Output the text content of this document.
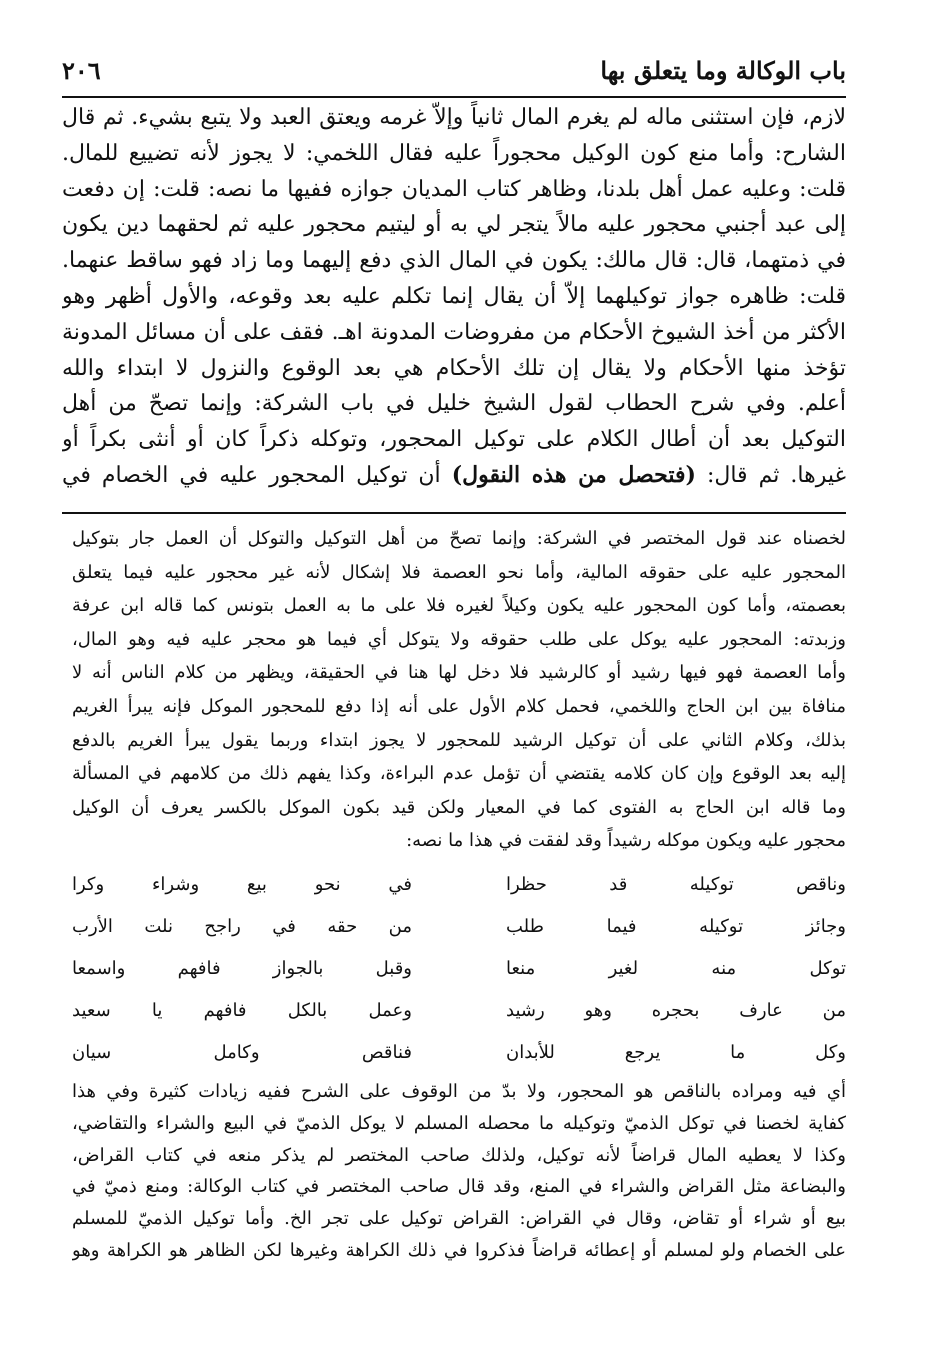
باب الوكالة وما يتعلق بها
٢٠٦

لازم، فإن استثنى ماله لم يغرم المال ثانياً وإلاّ غرمه ويعتق العبد ولا يتبع بشيء. ثم قال

الشارح: وأما منع كون الوكيل محجوراً عليه فقال اللخمي: لا يجوز لأنه تضييع للمال.

قلت: وعليه عمل أهل بلدنا، وظاهر كتاب المديان جوازه ففيها ما نصه: قلت: إن دفعت

إلى عبد أجنبي محجور عليه مالاً يتجر لي به أو ليتيم محجور عليه ثم لحقهما دين يكون

في ذمتهما، قال: قال مالك: يكون في المال الذي دفع إليهما وما زاد فهو ساقط عنهما.

قلت: ظاهره جواز توكيلهما إلاّ أن يقال إنما تكلم عليه بعد وقوعه، والأول أظهر وهو

الأكثر من أخذ الشيوخ الأحكام من مفروضات المدونة اهـ. فقف على أن مسائل المدونة

تؤخذ منها الأحكام ولا يقال إن تلك الأحكام هي بعد الوقوع والنزول لا ابتداء والله

أعلم. وفي شرح الحطاب لقول الشيخ خليل في باب الشركة: وإنما تصحّ من أهل

التوكيل بعد أن أطال الكلام على توكيل المحجور، وتوكله ذكراً كان أو أنثى بكراً أو

غيرها. ثم قال: (فتحصل من هذه النقول) أن توكيل المحجور عليه في الخصام في

لخصناه عند قول المختصر في الشركة: وإنما تصحّ من أهل التوكيل والتوكل أن العمل جار بتوكيل

المحجور عليه على حقوقه المالية، وأما نحو العصمة فلا إشكال لأنه غير محجور عليه فيما يتعلق

بعصمته، وأما كون المحجور عليه يكون وكيلاً لغيره فلا على ما به العمل بتونس كما قاله ابن عرفة

وزبدته: المحجور عليه يوكل على طلب حقوقه ولا يتوكل أي فيما هو محجر عليه فيه وهو المال،

وأما العصمة فهو فيها رشيد أو كالرشيد فلا دخل لها هنا في الحقيقة، ويظهر من كلام الناس أنه لا

منافاة بين ابن الحاج واللخمي، فحمل كلام الأول على أنه إذا دفع للمحجور الموكل فإنه يبرأ الغريم

بذلك، وكلام الثاني على أن توكيل الرشيد للمحجور لا يجوز ابتداء وربما يقول يبرأ الغريم بالدفع

إليه بعد الوقوع وإن كان كلامه يقتضي أن تؤمل عدم البراءة، وكذا يفهم ذلك من كلامهم في المسألة

وما قاله ابن الحاج به الفتوى كما في المعيار ولكن قيد بكون الموكل بالكسر يعرف أن الوكيل

محجور عليه ويكون موكله رشيداً وقد لفقت في هذا ما نصه:

وناقص توكيله قد حظرا
في نحو بيع وشراء وكرا
وجائز توكيله فيما طلب
من حقه في راجح نلت الأرب
توكل منه لغير منعا
وقبل بالجواز فافهم واسمعا
من عارف بحجره وهو رشيد
وعمل بالكل فافهم يا سعيد
وكل ما يرجع للأبدان
فناقص وكامل سيان

أي فيه ومراده بالناقص هو المحجور، ولا بدّ من الوقوف على الشرح ففيه زيادات كثيرة وفي هذا

كفاية لخصنا في توكل الذميّ وتوكيله ما محصله المسلم لا يوكل الذميّ في البيع والشراء والتقاضي،

وكذا لا يعطيه المال قراضاً لأنه توكيل، ولذلك صاحب المختصر لم يذكر منعه في كتاب القراض،

والبضاعة مثل القراض والشراء في المنع، وقد قال صاحب المختصر في كتاب الوكالة: ومنع ذميّ في

بيع أو شراء أو تقاض، وقال في القراض: القراض توكيل على تجر الخ. وأما توكيل الذميّ للمسلم

على الخصام ولو لمسلم أو إعطائه قراضاً فذكروا في ذلك الكراهة وغيرها لكن الظاهر هو الكراهة وهو
